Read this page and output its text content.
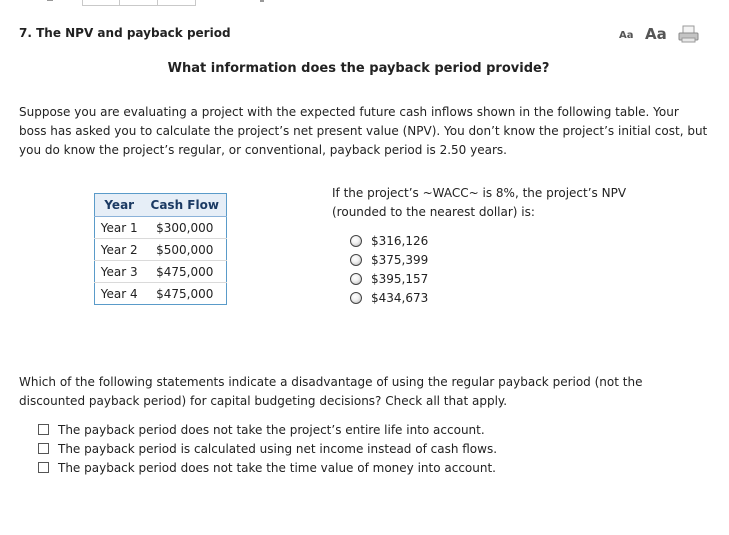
7. The NPV and payback period	Aa Aa
What information does the payback period provide?
Suppose you are evaluating a project with the expected future cash inflows shown in the following table. Your boss has asked you to calculate the project’s net present value (NPV). You don’t know the project’s initial cost, but you do know the project’s regular, or conventional, payback period is 2.50 years.
Year	Cash Flow
Year 1	$300,000
Year 2	$500,000
Year 3	$475,000
Year 4	$475,000
If the project’s ~WACC~ is 8%, the project’s NPV (rounded to the nearest dollar) is:
$316,126
$375,399
$395,157
$434,673
Which of the following statements indicate a disadvantage of using the regular payback period (not the discounted payback period) for capital budgeting decisions? Check all that apply.
The payback period does not take the project’s entire life into account.
The payback period is calculated using net income instead of cash flows.
The payback period does not take the time value of money into account.
